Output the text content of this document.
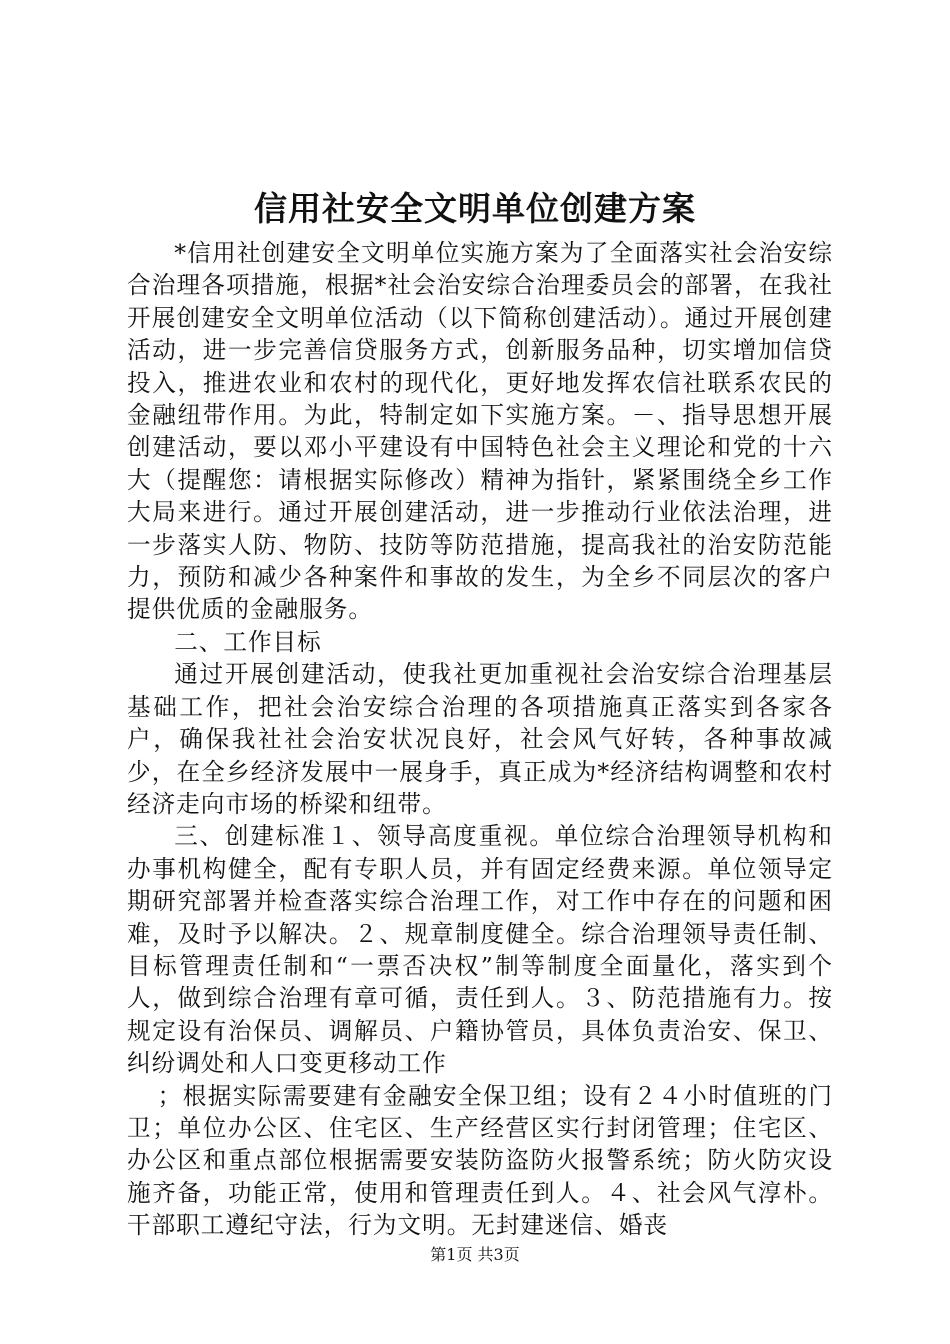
信用社安全文明单位创建方案

*信用社创建安全文明单位实施方案为了全面落实社会治安综合治理各项措施，根据*社会治安综合治理委员会的部署，在我社开展创建安全文明单位活动（以下简称创建活动）。通过开展创建活动，进一步完善信贷服务方式，创新服务品种，切实增加信贷投入，推进农业和农村的现代化，更好地发挥农信社联系农民的金融纽带作用。为此，特制定如下实施方案。－、指导思想开展创建活动，要以邓小平建设有中国特色社会主义理论和党的十六大（提醒您：请根据实际修改）精神为指针，紧紧围绕全乡工作大局来进行。通过开展创建活动，进一步推动行业依法治理，进一步落实人防、物防、技防等防范措施，提高我社的治安防范能力，预防和减少各种案件和事故的发生，为全乡不同层次的客户提供优质的金融服务。

二、工作目标

通过开展创建活动，使我社更加重视社会治安综合治理基层基础工作，把社会治安综合治理的各项措施真正落实到各家各户，确保我社社会治安状况良好，社会风气好转，各种事故减少，在全乡经济发展中一展身手，真正成为*经济结构调整和农村经济走向市场的桥梁和纽带。

三、创建标准１、领导高度重视。单位综合治理领导机构和办事机构健全，配有专职人员，并有固定经费来源。单位领导定期研究部署并检查落实综合治理工作，对工作中存在的问题和困难，及时予以解决。２、规章制度健全。综合治理领导责任制、目标管理责任制和“一票否决权”制等制度全面量化，落实到个人，做到综合治理有章可循，责任到人。３、防范措施有力。按规定设有治保员、调解员、户籍协管员，具体负责治安、保卫、纠纷调处和人口变更移动工作

；根据实际需要建有金融安全保卫组；设有２４小时值班的门卫；单位办公区、住宅区、生产经营区实行封闭管理；住宅区、办公区和重点部位根据需要安装防盗防火报警系统；防火防灾设施齐备，功能正常，使用和管理责任到人。４、社会风气淳朴。干部职工遵纪守法，行为文明。无封建迷信、婚丧

第1页 共3页
